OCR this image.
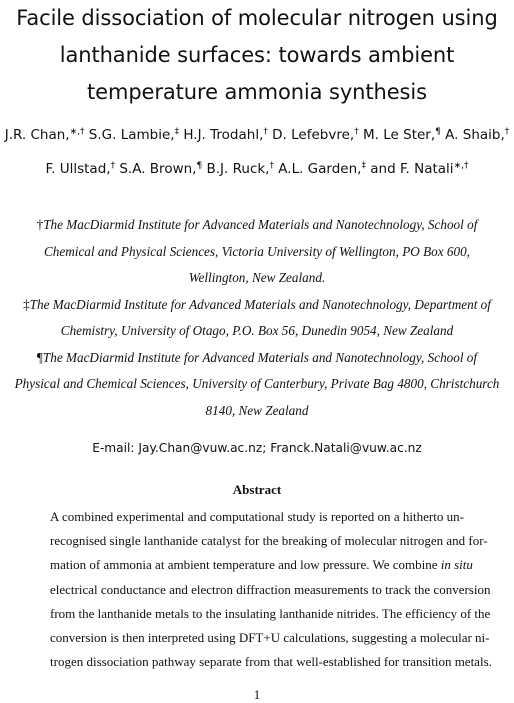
Facile dissociation of molecular nitrogen using
lanthanide surfaces: towards ambient
temperature ammonia synthesis
J.R. Chan,∗,† S.G. Lambie,‡ H.J. Trodahl,† D. Lefebvre,† M. Le Ster,¶ A. Shaib,†
F. Ullstad,† S.A. Brown,¶ B.J. Ruck,† A.L. Garden,‡ and F. Natali∗,†
†The MacDiarmid Institute for Advanced Materials and Nanotechnology, School of
Chemical and Physical Sciences, Victoria University of Wellington, PO Box 600,
Wellington, New Zealand.
‡The MacDiarmid Institute for Advanced Materials and Nanotechnology, Department of
Chemistry, University of Otago, P.O. Box 56, Dunedin 9054, New Zealand
¶The MacDiarmid Institute for Advanced Materials and Nanotechnology, School of
Physical and Chemical Sciences, University of Canterbury, Private Bag 4800, Christchurch
8140, New Zealand
E-mail: Jay.Chan@vuw.ac.nz; Franck.Natali@vuw.ac.nz
Abstract
A combined experimental and computational study is reported on a hitherto un-
recognised single lanthanide catalyst for the breaking of molecular nitrogen and for-
mation of ammonia at ambient temperature and low pressure. We combine in situ
electrical conductance and electron diffraction measurements to track the conversion
from the lanthanide metals to the insulating lanthanide nitrides. The efficiency of the
conversion is then interpreted using DFT+U calculations, suggesting a molecular ni-
trogen dissociation pathway separate from that well-established for transition metals.
1
